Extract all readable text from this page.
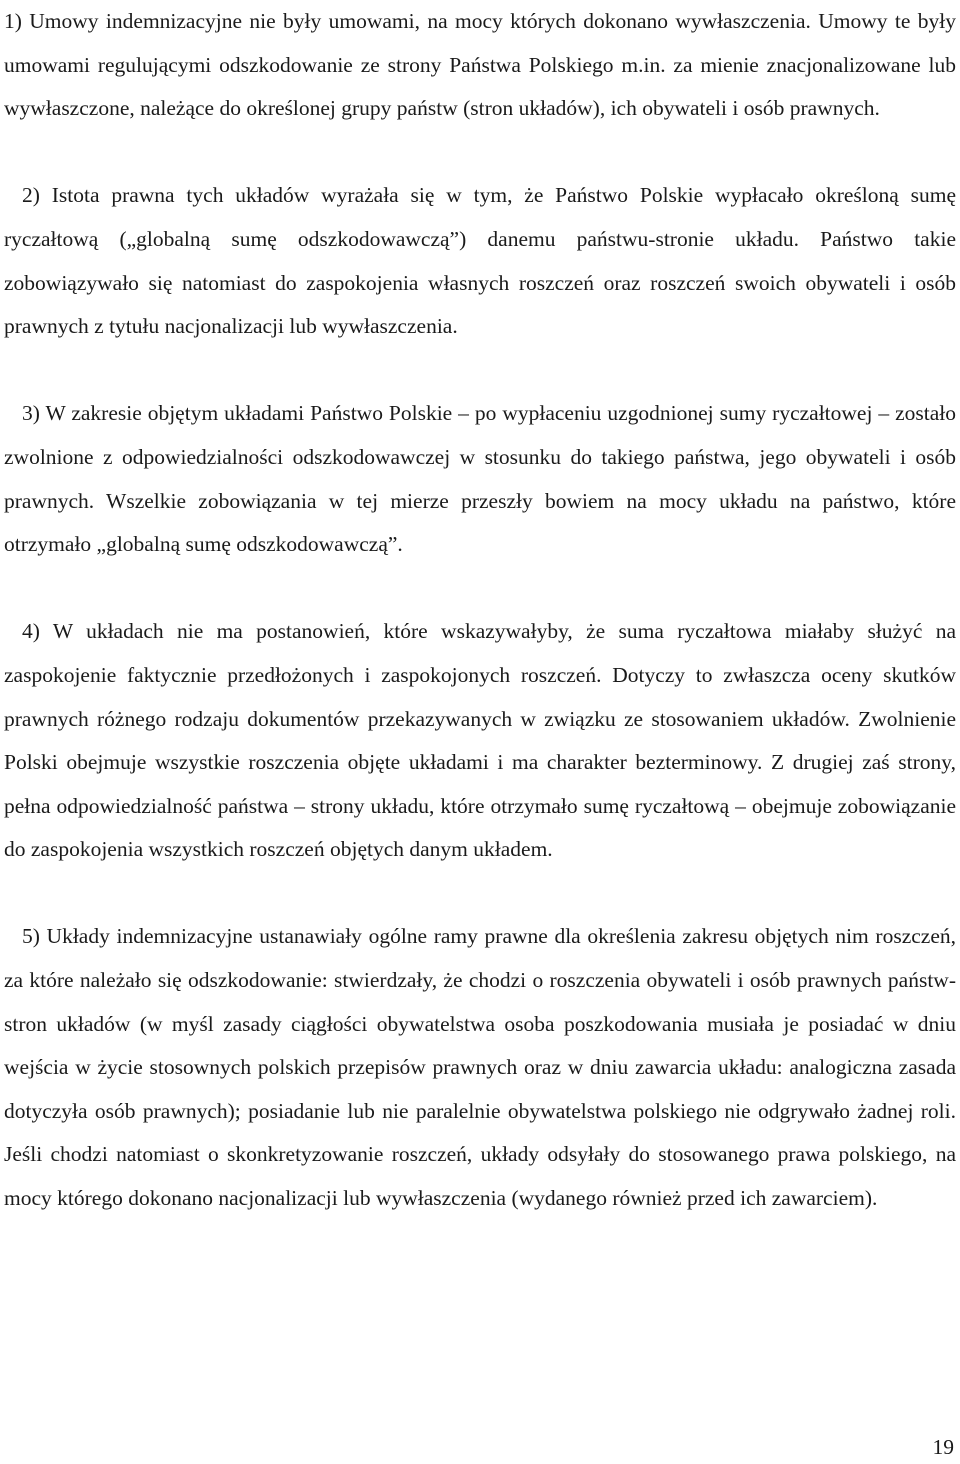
1) Umowy indemnizacyjne nie były umowami, na mocy których dokonano wywłaszczenia. Umowy te były umowami regulującymi odszkodowanie ze strony Państwa Polskiego m.in. za mienie znacjonalizowane lub wywłaszczone, należące do określonej grupy państw (stron układów), ich obywateli i osób prawnych.

2) Istota prawna tych układów wyrażała się w tym, że Państwo Polskie wypłacało określoną sumę ryczałtową („globalną sumę odszkodowawczą”) danemu państwu-stronie układu. Państwo takie zobowiązywało się natomiast do zaspokojenia własnych roszczeń oraz roszczeń swoich obywateli i osób prawnych z tytułu nacjonalizacji lub wywłaszczenia.

3) W zakresie objętym układami Państwo Polskie – po wypłaceniu uzgodnionej sumy ryczałtowej – zostało zwolnione z odpowiedzialności odszkodowawczej w stosunku do takiego państwa, jego obywateli i osób prawnych. Wszelkie zobowiązania w tej mierze przeszły bowiem na mocy układu na państwo, które otrzymało „globalną sumę odszkodowawczą”.

4) W układach nie ma postanowień, które wskazywałyby, że suma ryczałtowa miałaby służyć na zaspokojenie faktycznie przedłożonych i zaspokojonych roszczeń. Dotyczy to zwłaszcza oceny skutków prawnych różnego rodzaju dokumentów przekazywanych w związku ze stosowaniem układów. Zwolnienie Polski obejmuje wszystkie roszczenia objęte układami i ma charakter bezterminowy. Z drugiej zaś strony, pełna odpowiedzialność państwa – strony układu, które otrzymało sumę ryczałtową – obejmuje zobowiązanie do zaspokojenia wszystkich roszczeń objętych danym układem.

5) Układy indemnizacyjne ustanawiały ogólne ramy prawne dla określenia zakresu objętych nim roszczeń, za które należało się odszkodowanie: stwierdzały, że chodzi o roszczenia obywateli i osób prawnych państw-stron układów (w myśl zasady ciągłości obywatelstwa osoba poszkodowania musiała je posiadać w dniu wejścia w życie stosownych polskich przepisów prawnych oraz w dniu zawarcia układu: analogiczna zasada dotyczyła osób prawnych); posiadanie lub nie paralelnie obywatelstwa polskiego nie odgrywało żadnej roli. Jeśli chodzi natomiast o skonkretyzowanie roszczeń, układy odsyłały do stosowanego prawa polskiego, na mocy którego dokonano nacjonalizacji lub wywłaszczenia (wydanego również przed ich zawarciem).

19
